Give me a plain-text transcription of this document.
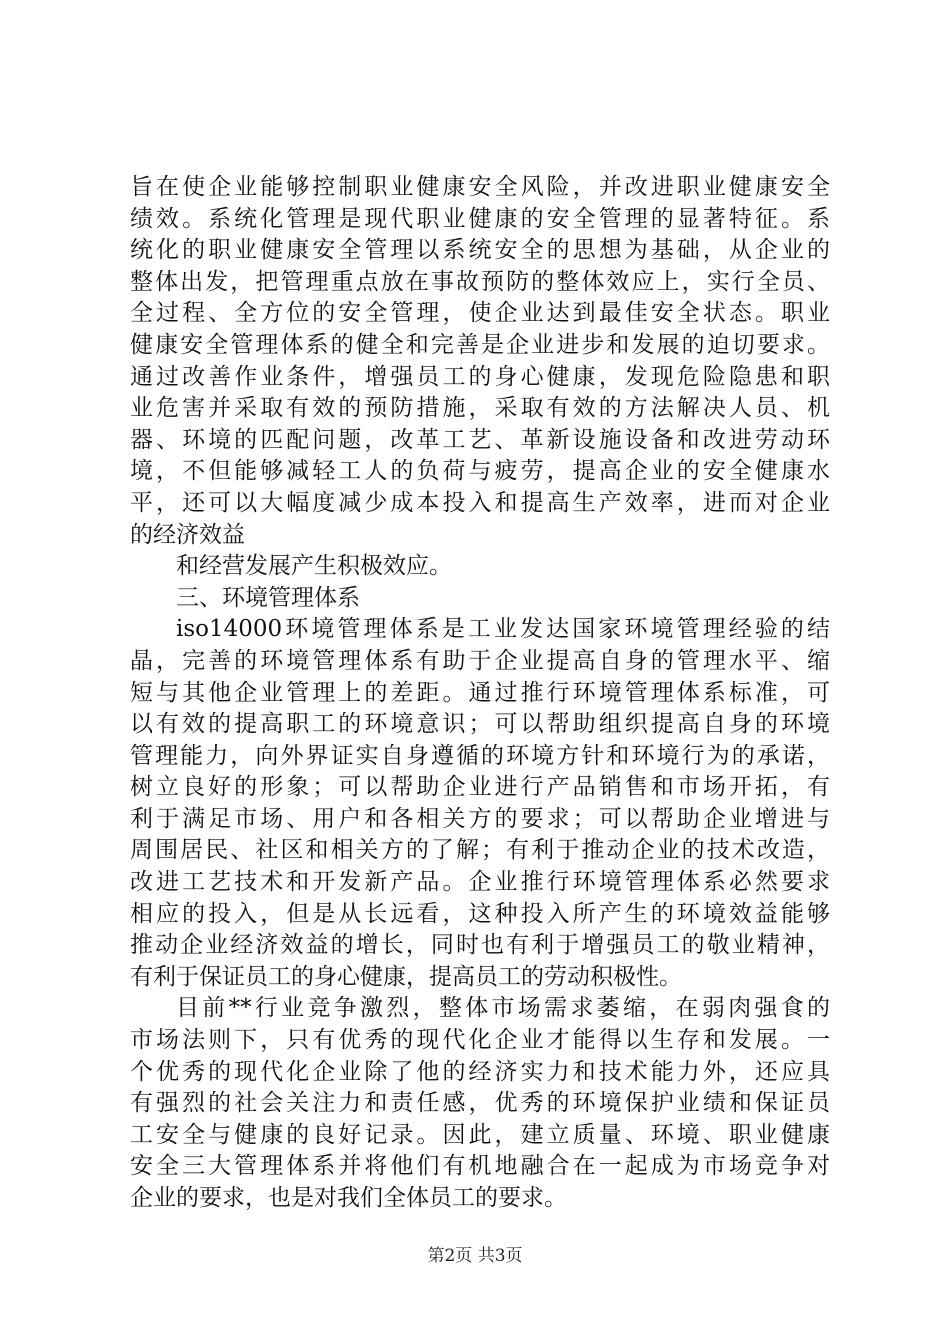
旨在使企业能够控制职业健康安全风险，并改进职业健康安全
绩效。系统化管理是现代职业健康的安全管理的显著特征。系
统化的职业健康安全管理以系统安全的思想为基础，从企业的
整体出发，把管理重点放在事故预防的整体效应上，实行全员、
全过程、全方位的安全管理，使企业达到最佳安全状态。职业
健康安全管理体系的健全和完善是企业进步和发展的迫切要求。
通过改善作业条件，增强员工的身心健康，发现危险隐患和职
业危害并采取有效的预防措施，采取有效的方法解决人员、机
器、环境的匹配问题，改革工艺、革新设施设备和改进劳动环
境，不但能够减轻工人的负荷与疲劳，提高企业的安全健康水
平，还可以大幅度减少成本投入和提高生产效率，进而对企业
的经济效益
和经营发展产生积极效应。
三、环境管理体系
iso14000环境管理体系是工业发达国家环境管理经验的结
晶，完善的环境管理体系有助于企业提高自身的管理水平、缩
短与其他企业管理上的差距。通过推行环境管理体系标准，可
以有效的提高职工的环境意识；可以帮助组织提高自身的环境
管理能力，向外界证实自身遵循的环境方针和环境行为的承诺，
树立良好的形象；可以帮助企业进行产品销售和市场开拓，有
利于满足市场、用户和各相关方的要求；可以帮助企业增进与
周围居民、社区和相关方的了解；有利于推动企业的技术改造，
改进工艺技术和开发新产品。企业推行环境管理体系必然要求
相应的投入，但是从长远看，这种投入所产生的环境效益能够
推动企业经济效益的增长，同时也有利于增强员工的敬业精神，
有利于保证员工的身心健康，提高员工的劳动积极性。
目前**行业竞争激烈，整体市场需求萎缩，在弱肉强食的
市场法则下，只有优秀的现代化企业才能得以生存和发展。一
个优秀的现代化企业除了他的经济实力和技术能力外，还应具
有强烈的社会关注力和责任感，优秀的环境保护业绩和保证员
工安全与健康的良好记录。因此，建立质量、环境、职业健康
安全三大管理体系并将他们有机地融合在一起成为市场竞争对
企业的要求，也是对我们全体员工的要求。
第2页 共3页
